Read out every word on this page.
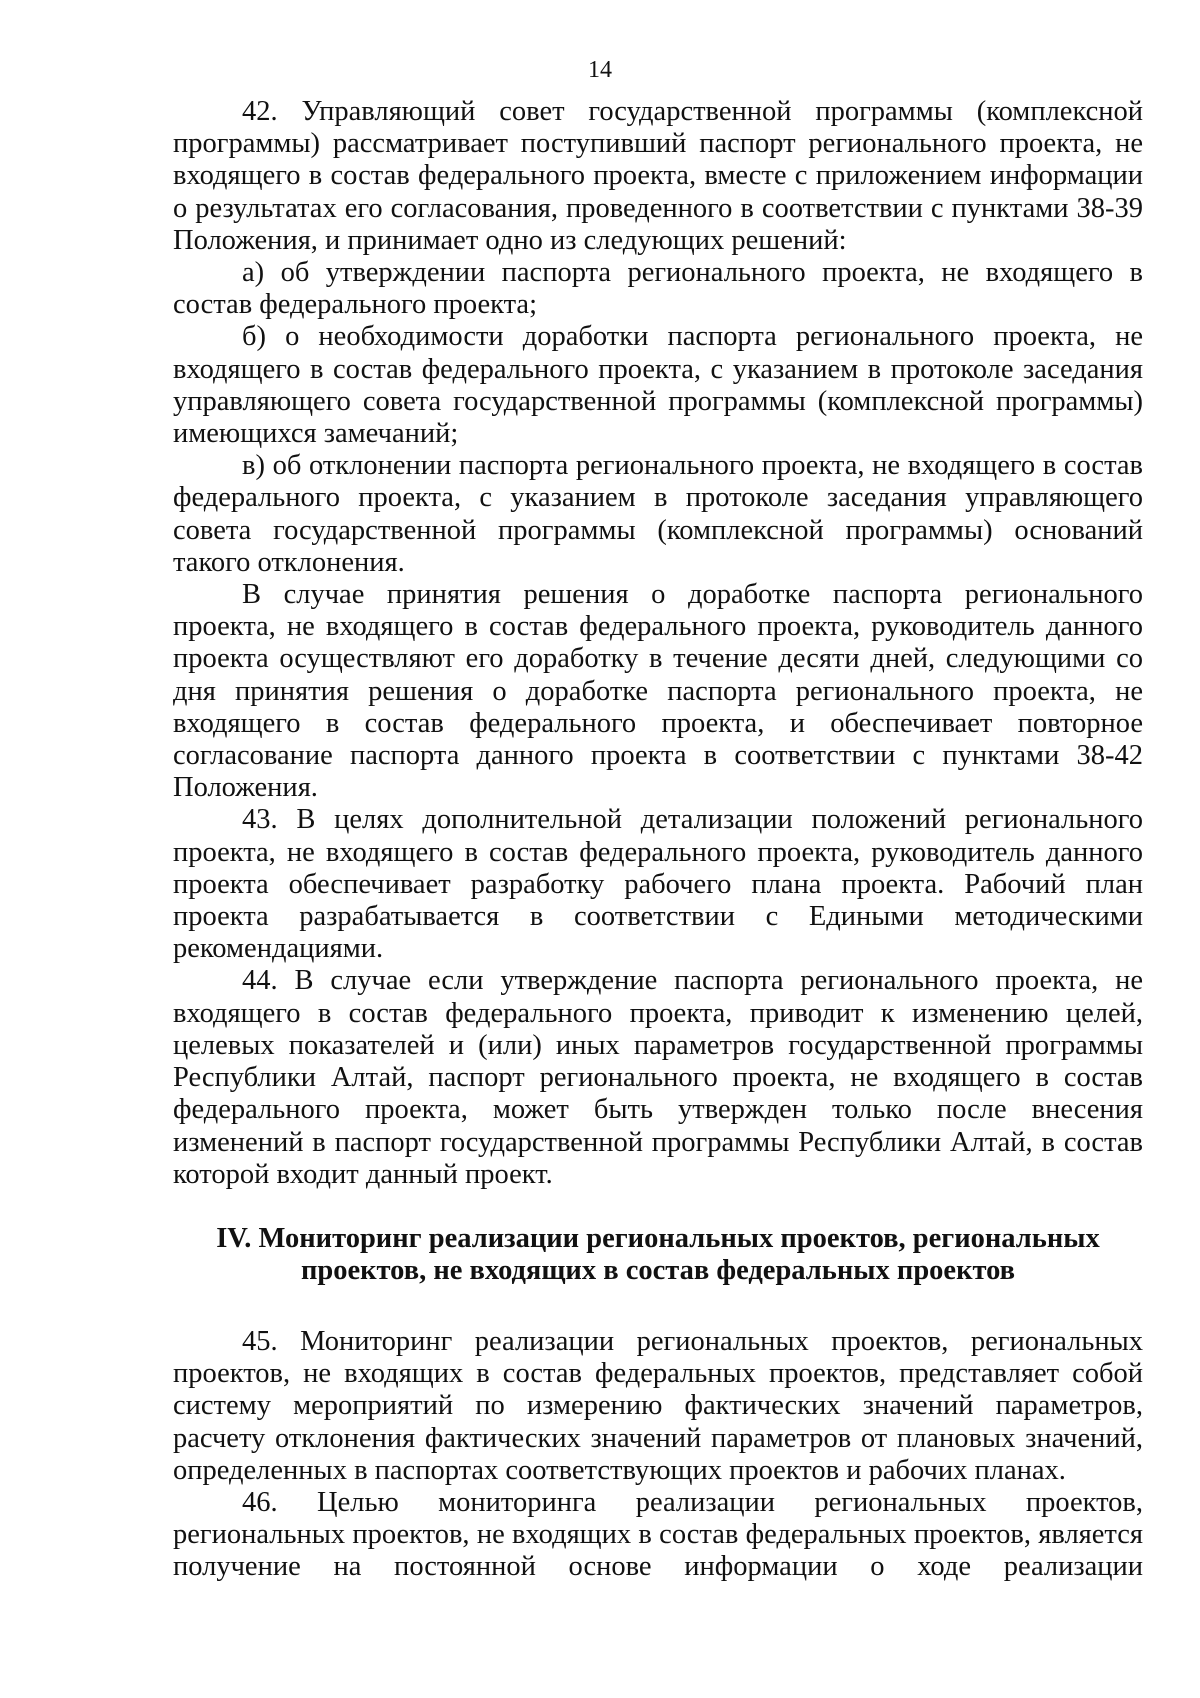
14

42. Управляющий совет государственной программы (комплексной программы) рассматривает поступивший паспорт регионального проекта, не входящего в состав федерального проекта, вместе с приложением информации о результатах его согласования, проведенного в соответствии с пунктами 38-39 Положения, и принимает одно из следующих решений:

а) об утверждении паспорта регионального проекта, не входящего в состав федерального проекта;

б) о необходимости доработки паспорта регионального проекта, не входящего в состав федерального проекта, с указанием в протоколе заседания управляющего совета государственной программы (комплексной программы) имеющихся замечаний;

в) об отклонении паспорта регионального проекта, не входящего в состав федерального проекта, с указанием в протоколе заседания управляющего совета государственной программы (комплексной программы) оснований такого отклонения.

В случае принятия решения о доработке паспорта регионального проекта, не входящего в состав федерального проекта, руководитель данного проекта осуществляют его доработку в течение десяти дней, следующими со дня принятия решения о доработке паспорта регионального проекта, не входящего в состав федерального проекта, и обеспечивает повторное согласование паспорта данного проекта в соответствии с пунктами 38-42 Положения.

43. В целях дополнительной детализации положений регионального проекта, не входящего в состав федерального проекта, руководитель данного проекта обеспечивает разработку рабочего плана проекта. Рабочий план проекта разрабатывается в соответствии с Едиными методическими рекомендациями.

44. В случае если утверждение паспорта регионального проекта, не входящего в состав федерального проекта, приводит к изменению целей, целевых показателей и (или) иных параметров государственной программы Республики Алтай, паспорт регионального проекта, не входящего в состав федерального проекта, может быть утвержден только после внесения изменений в паспорт государственной программы Республики Алтай, в состав которой входит данный проект.

IV. Мониторинг реализации региональных проектов, региональных
проектов, не входящих в состав федеральных проектов

45. Мониторинг реализации региональных проектов, региональных проектов, не входящих в состав федеральных проектов, представляет собой систему мероприятий по измерению фактических значений параметров, расчету отклонения фактических значений параметров от плановых значений, определенных в паспортах соответствующих проектов и рабочих планах.

46. Целью мониторинга реализации региональных проектов, региональных проектов, не входящих в состав федеральных проектов, является получение на постоянной основе информации о ходе реализации
